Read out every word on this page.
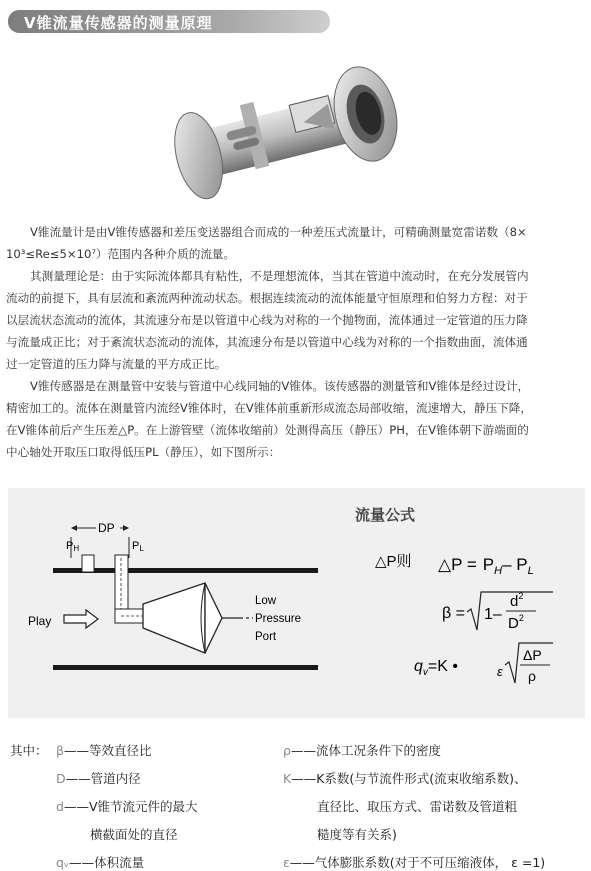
V锥流量传感器的测量原理

V锥流量计是由V锥传感器和差压变送器组合而成的一种差压式流量计，可精确测量宽雷诺数（8×
10³≤Re≤5×10⁷）范围内各种介质的流量。

其测量理论是：由于实际流体都具有粘性，不是理想流体，当其在管道中流动时，在充分发展管内
流动的前提下，具有层流和紊流两种流动状态。根据连续流动的流体能量守恒原理和伯努力方程：对于
以层流状态流动的流体，其流速分布是以管道中心线为对称的一个抛物面，流体通过一定管道的压力降
与流量成正比；对于紊流状态流动的流体，其流速分布是以管道中心线为对称的一个指数曲面，流体通
过一定管道的压力降与流量的平方成正比。

V锥传感器是在测量管中安装与管道中心线同轴的V锥体。该传感器的测量管和V锥体是经过设计，
精密加工的。流体在测量管内流经V锥体时，在V锥体前重新形成流态局部收缩，流速增大，静压下降，
在V锥体前后产生压差△P。在上游管壁（流体收缩前）处测得高压（静压）PH，在V锥体朝下游端面的
中心轴处开取压口取得低压PL（静压），如下图所示：

DP
PH	PL
Low
Pressure
Port
Play
流量公式
△P则 △P = $P_H-$ $P_L$
β = 1–
$d^2$
$D^2$
$q_v=K$ •	ε
ΔP
ρ
其中： β——等效直径比
D——管道内径
d——V锥节流元件的最大
横截面处的直径
qᵥ——体积流量
ρ——流体工况条件下的密度
K——K系数(与节流件形式(流束收缩系数)、
直径比、取压方式、雷诺数及管道粗
糙度等有关系)
ε——气体膨胀系数(对于不可压缩液体， ε =1)
